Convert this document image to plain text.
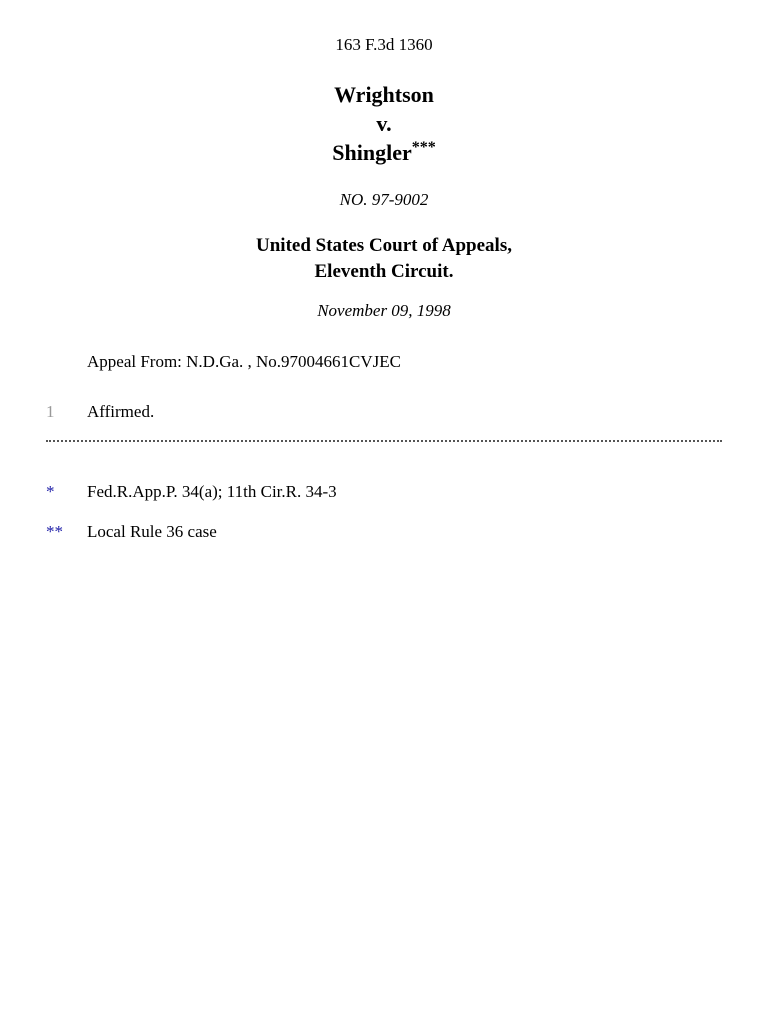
163 F.3d 1360
Wrightson
v.
Shingler***
NO. 97-9002
United States Court of Appeals,
Eleventh Circuit.
November 09, 1998
Appeal From: N.D.Ga. , No.97004661CVJEC
1 Affirmed.
* Fed.R.App.P. 34(a); 11th Cir.R. 34-3
** Local Rule 36 case
